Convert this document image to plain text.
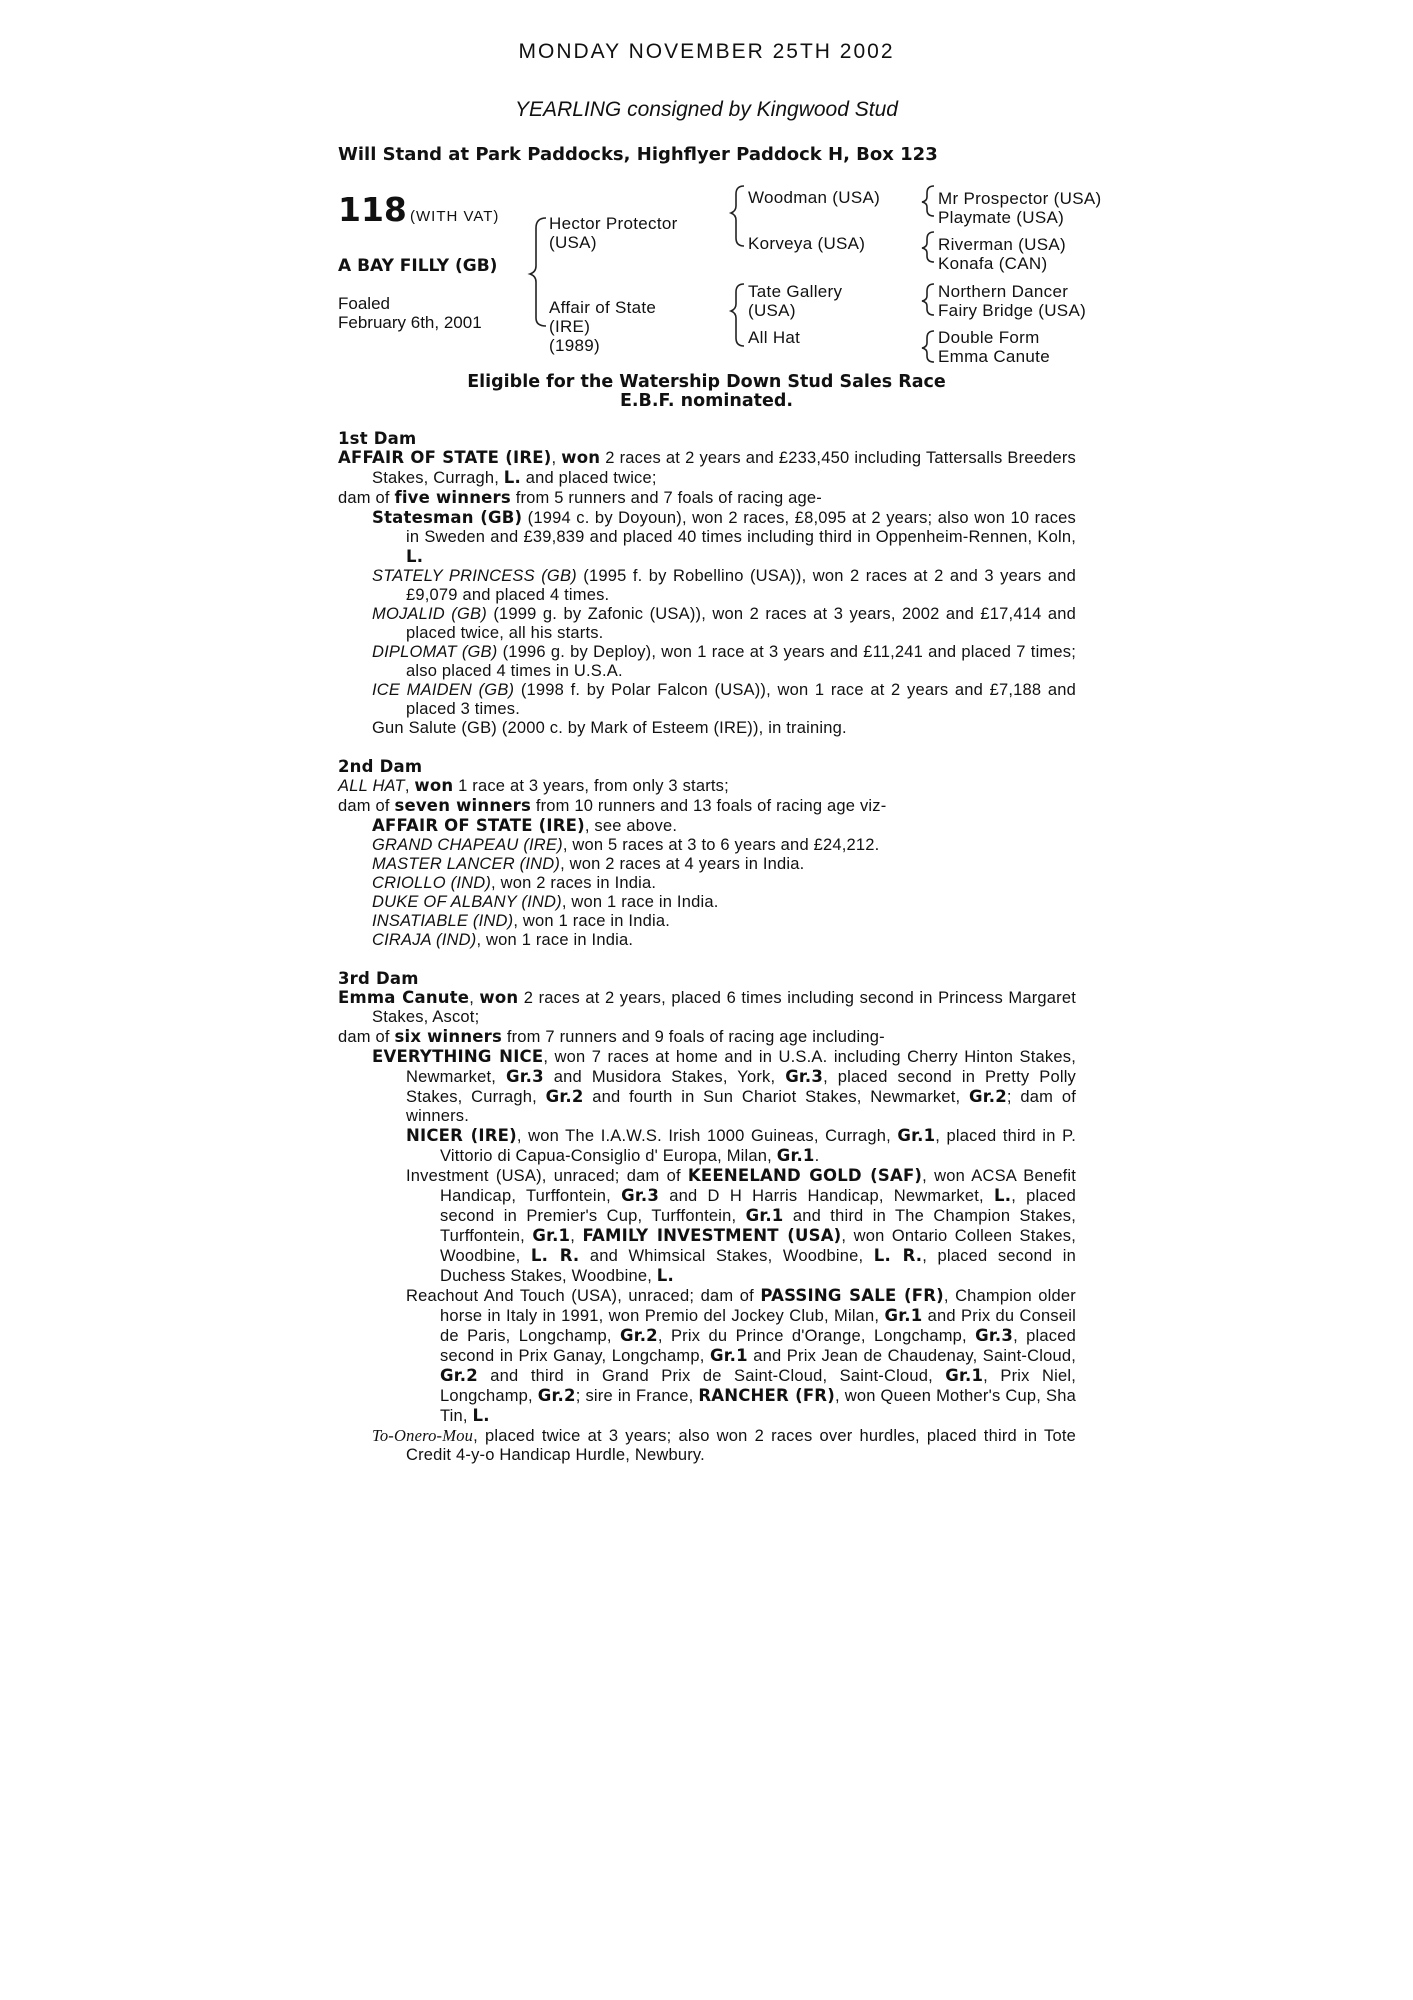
MONDAY NOVEMBER 25TH 2002
YEARLING consigned by Kingwood Stud
Will Stand at Park Paddocks, Highflyer Paddock H, Box 123
118 (WITH VAT)
A BAY FILLY (GB)
Foaled
February 6th, 2001
Hector Protector
(USA)
Affair of State
(IRE)
(1989)
Woodman (USA)
Korveya (USA)
Tate Gallery
(USA)
All Hat
Mr Prospector (USA)
Playmate (USA)
Riverman (USA)
Konafa (CAN)
Northern Dancer
Fairy Bridge (USA)
Double Form
Emma Canute
Eligible for the Watership Down Stud Sales Race
E.B.F. nominated.

1st Dam

AFFAIR OF STATE (IRE), won 2 races at 2 years and £233,450 including Tattersalls Breeders Stakes, Curragh, L. and placed twice;

dam of five winners from 5 runners and 7 foals of racing age-

Statesman (GB) (1994 c. by Doyoun), won 2 races, £8,095 at 2 years; also won 10 races in Sweden and £39,839 and placed 40 times including third in Oppenheim-Rennen, Koln, L.

STATELY PRINCESS (GB) (1995 f. by Robellino (USA)), won 2 races at 2 and 3 years and £9,079 and placed 4 times.

MOJALID (GB) (1999 g. by Zafonic (USA)), won 2 races at 3 years, 2002 and £17,414 and placed twice, all his starts.

DIPLOMAT (GB) (1996 g. by Deploy), won 1 race at 3 years and £11,241 and placed 7 times; also placed 4 times in U.S.A.

ICE MAIDEN (GB) (1998 f. by Polar Falcon (USA)), won 1 race at 2 years and £7,188 and placed 3 times.

Gun Salute (GB) (2000 c. by Mark of Esteem (IRE)), in training.

2nd Dam

ALL HAT, won 1 race at 3 years, from only 3 starts;

dam of seven winners from 10 runners and 13 foals of racing age viz-

AFFAIR OF STATE (IRE), see above.

GRAND CHAPEAU (IRE), won 5 races at 3 to 6 years and £24,212.

MASTER LANCER (IND), won 2 races at 4 years in India.

CRIOLLO (IND), won 2 races in India.

DUKE OF ALBANY (IND), won 1 race in India.

INSATIABLE (IND), won 1 race in India.

CIRAJA (IND), won 1 race in India.

3rd Dam

Emma Canute, won 2 races at 2 years, placed 6 times including second in Princess Margaret Stakes, Ascot;

dam of six winners from 7 runners and 9 foals of racing age including-

EVERYTHING NICE, won 7 races at home and in U.S.A. including Cherry Hinton Stakes, Newmarket, Gr.3 and Musidora Stakes, York, Gr.3, placed second in Pretty Polly Stakes, Curragh, Gr.2 and fourth in Sun Chariot Stakes, Newmarket, Gr.2; dam of winners.

NICER (IRE), won The I.A.W.S. Irish 1000 Guineas, Curragh, Gr.1, placed third in P. Vittorio di Capua-Consiglio d' Europa, Milan, Gr.1.

Investment (USA), unraced; dam of KEENELAND GOLD (SAF), won ACSA Benefit Handicap, Turffontein, Gr.3 and D H Harris Handicap, Newmarket, L., placed second in Premier's Cup, Turffontein, Gr.1 and third in The Champion Stakes, Turffontein, Gr.1, FAMILY INVESTMENT (USA), won Ontario Colleen Stakes, Woodbine, L. R. and Whimsical Stakes, Woodbine, L. R., placed second in Duchess Stakes, Woodbine, L.

Reachout And Touch (USA), unraced; dam of PASSING SALE (FR), Champion older horse in Italy in 1991, won Premio del Jockey Club, Milan, Gr.1 and Prix du Conseil de Paris, Longchamp, Gr.2, Prix du Prince d'Orange, Longchamp, Gr.3, placed second in Prix Ganay, Longchamp, Gr.1 and Prix Jean de Chaudenay, Saint-Cloud, Gr.2 and third in Grand Prix de Saint-Cloud, Saint-Cloud, Gr.1, Prix Niel, Longchamp, Gr.2; sire in France, RANCHER (FR), won Queen Mother's Cup, Sha Tin, L.

To-Onero-Mou, placed twice at 3 years; also won 2 races over hurdles, placed third in Tote Credit 4-y-o Handicap Hurdle, Newbury.
